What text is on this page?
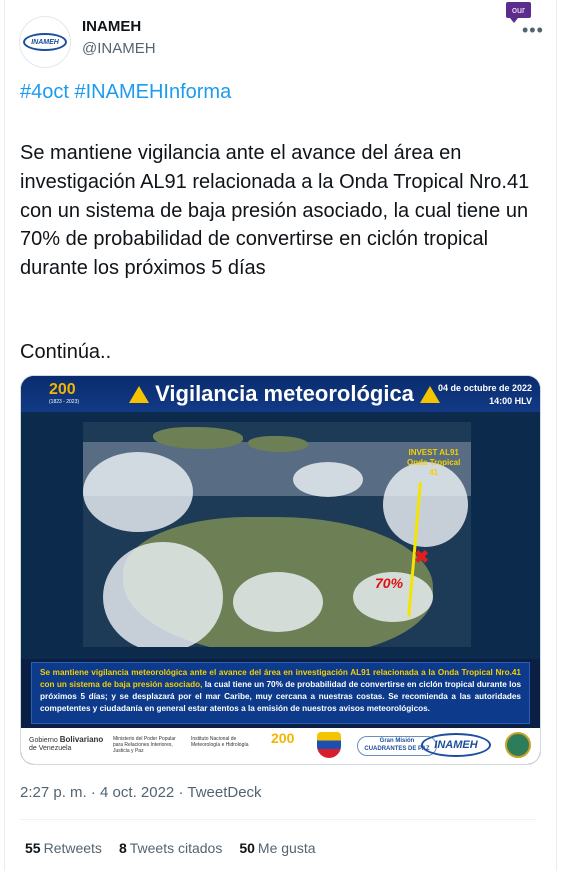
our
INAMEH
INAMEH
@INAMEH
•••
#4oct #INAMEHInforma
Se mantiene vigilancia ante el avance del área en investigación AL91 relacionada a la Onda Tropical Nro.41 con un sistema de baja presión asociado, la cual tiene un 70% de probabilidad de convertirse en ciclón tropical durante los próximos 5 días
Continúa..
200
(1823 - 2023)	Vigilancia meteorológica	04 de octubre de 2022
14:00 HLV
INVEST AL91
Onda Tropical
41
✖
70%
Se mantiene vigilancia meteorológica ante el avance del área en investigación AL91 relacionada a la Onda Tropical Nro.41 con un sistema de baja presión asociado, la cual tiene un 70% de probabilidad de convertirse en ciclón tropical durante los próximos 5 días; y se desplazará por el mar Caribe, muy cercana a nuestras costas. Se recomienda a las autoridades competentes y ciudadanía en general estar atentos a la emisión de nuestros avisos meteorológicos.
Gobierno Bolivariano
de Venezuela
Ministerio del Poder Popular para Relaciones Interiores, Justicia y Paz
Instituto Nacional de Meteorología e Hidrología	200	Gran Misión CUADRANTES DE PAZ INAMEH
2:27 p. m. · 4 oct. 2022 · TweetDeck
55 Retweets 8 Tweets citados 50 Me gusta
